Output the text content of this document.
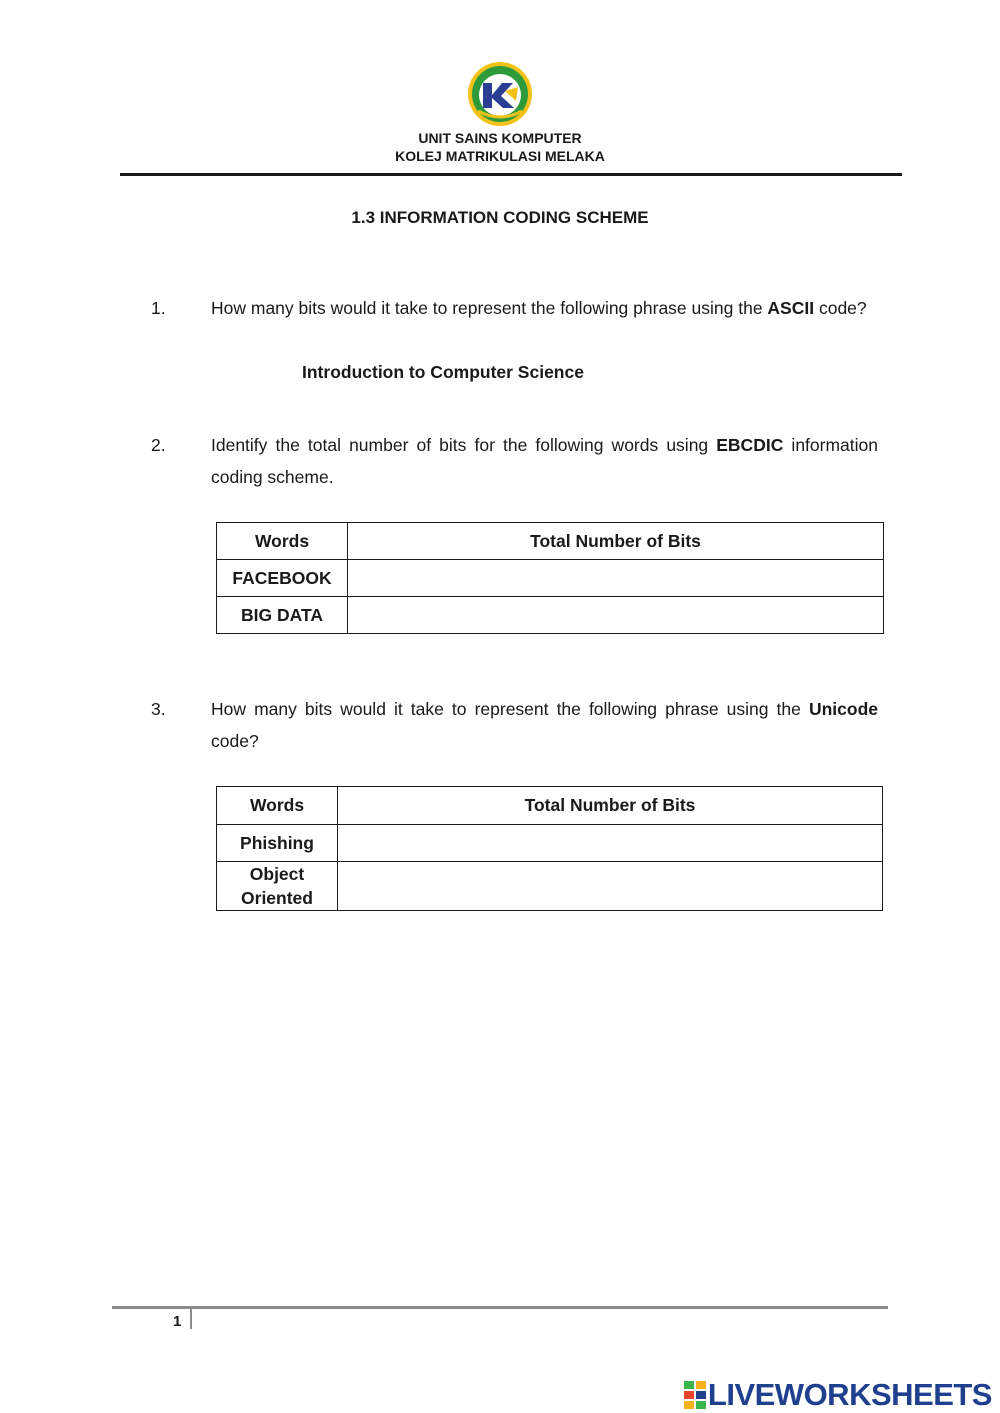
UNIT SAINS KOMPUTER
KOLEJ MATRIKULASI MELAKA
1.3 INFORMATION CODING SCHEME
1.	How many bits would it take to represent the following phrase using the ASCII code?
Introduction to Computer Science
2.	Identify the total number of bits for the following words using EBCDIC information coding scheme.
Words	Total Number of Bits
FACEBOOK	
BIG DATA	
3.	How many bits would it take to represent the following phrase using the Unicode code?
Words	Total Number of Bits
Phishing	
Object Oriented	
1
LIVEWORKSHEETS
